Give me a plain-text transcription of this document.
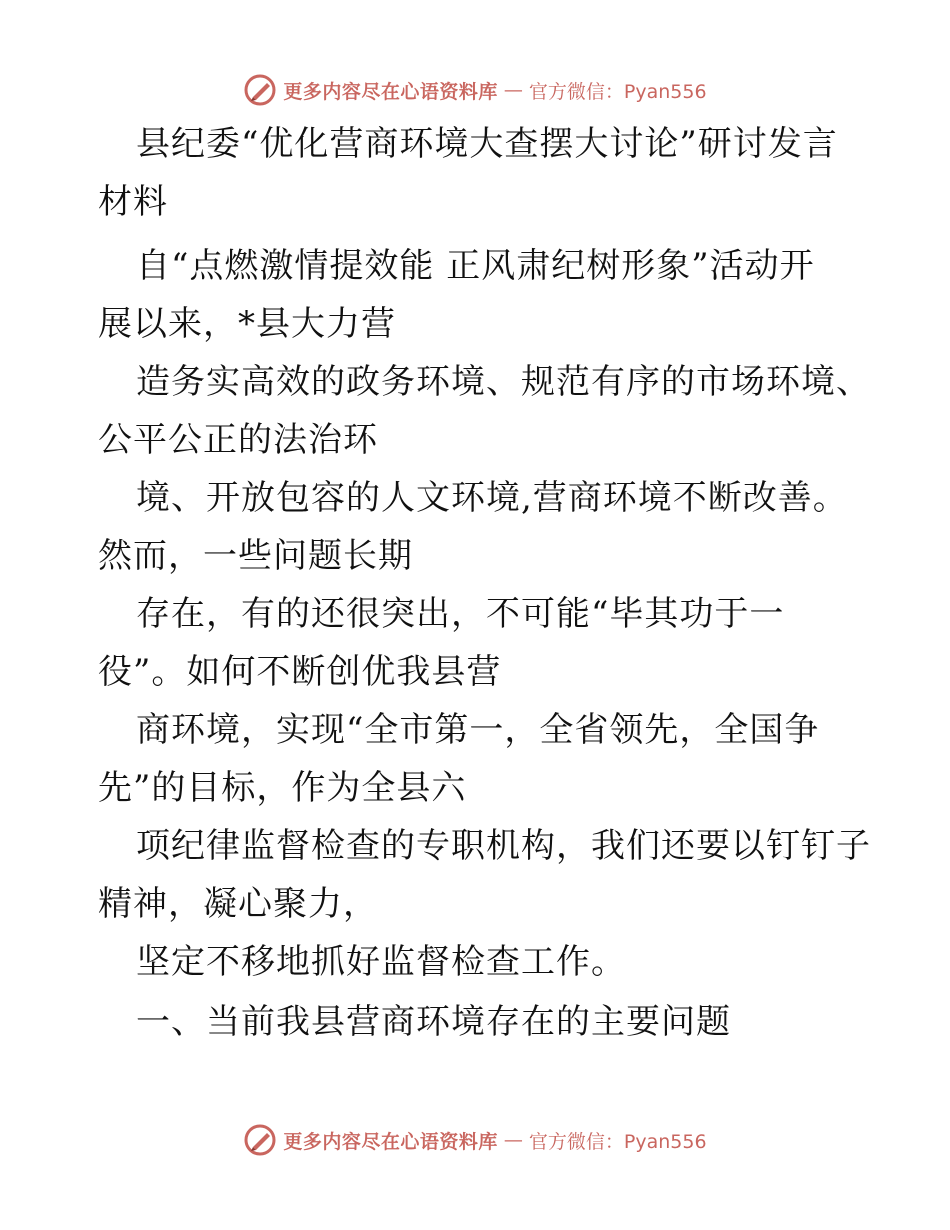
更多内容尽在心语资料库 — 官方微信：Pyan556
县纪委“优化营商环境大查摆大讨论”研讨发言
材料
自“点燃激情提效能 正风肃纪树形象”活动开
展以来，*县大力营
造务实高效的政务环境、规范有序的市场环境、
公平公正的法治环
境、开放包容的人文环境,营商环境不断改善。
然而，一些问题长期
存在，有的还很突出，不可能“毕其功于一
役”。如何不断创优我县营
商环境，实现“全市第一，全省领先，全国争
先”的目标，作为全县六
项纪律监督检查的专职机构，我们还要以钉钉子
精神，凝心聚力，
坚定不移地抓好监督检查工作。
一、当前我县营商环境存在的主要问题
更多内容尽在心语资料库 — 官方微信：Pyan556
